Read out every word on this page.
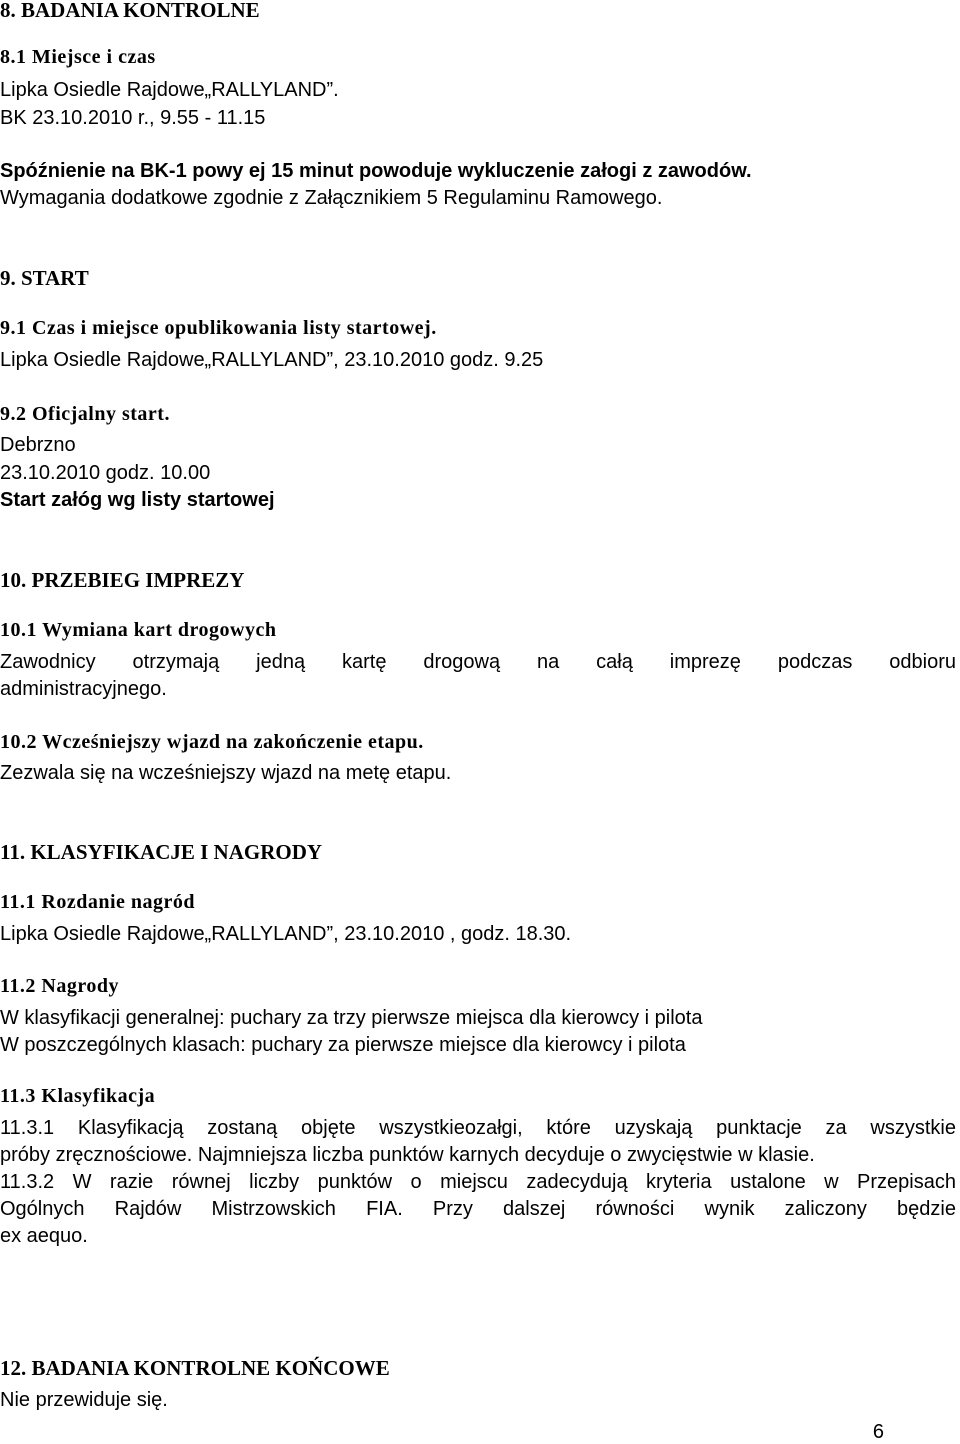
8. BADANIA KONTROLNE
8.1 Miejsce i czas
Lipka Osiedle Rajdowe„RALLYLAND”.
BK 23.10.2010 r., 9.55 - 11.15
Spóźnienie na BK-1 powy ej 15 minut powoduje wykluczenie załogi z zawodów.
Wymagania dodatkowe zgodnie z Załącznikiem 5 Regulaminu Ramowego.
9. START
9.1 Czas i miejsce opublikowania listy startowej.
Lipka Osiedle Rajdowe„RALLYLAND”, 23.10.2010 godz. 9.25
9.2 Oficjalny start.
Debrzno
23.10.2010 godz. 10.00
Start załóg wg listy startowej
10. PRZEBIEG IMPREZY
10.1 Wymiana kart drogowych
Zawodnicy otrzymają jedną kartę drogową na całą imprezę podczas odbioru
administracyjnego.
10.2 Wcześniejszy wjazd na zakończenie etapu.
Zezwala się na wcześniejszy wjazd na metę etapu.
11. KLASYFIKACJE I NAGRODY
11.1 Rozdanie nagród
Lipka Osiedle Rajdowe„RALLYLAND”, 23.10.2010 , godz. 18.30.
11.2 Nagrody
W klasyfikacji generalnej: puchary za trzy pierwsze miejsca dla kierowcy i pilota
W poszczególnych klasach: puchary za pierwsze miejsce dla kierowcy i pilota
11.3 Klasyfikacja
11.3.1 Klasyfikacją zostaną objęte wszystkieozałgi, które uzyskają punktacje za wszystkie
próby zręcznościowe. Najmniejsza liczba punktów karnych decyduje o zwycięstwie w klasie.
11.3.2 W razie równej liczby punktów o miejscu zadecydują kryteria ustalone w Przepisach
Ogólnych Rajdów Mistrzowskich FIA. Przy dalszej równości wynik zaliczony będzie
ex aequo.
12. BADANIA KONTROLNE KOŃCOWE
Nie przewiduje się.
6
